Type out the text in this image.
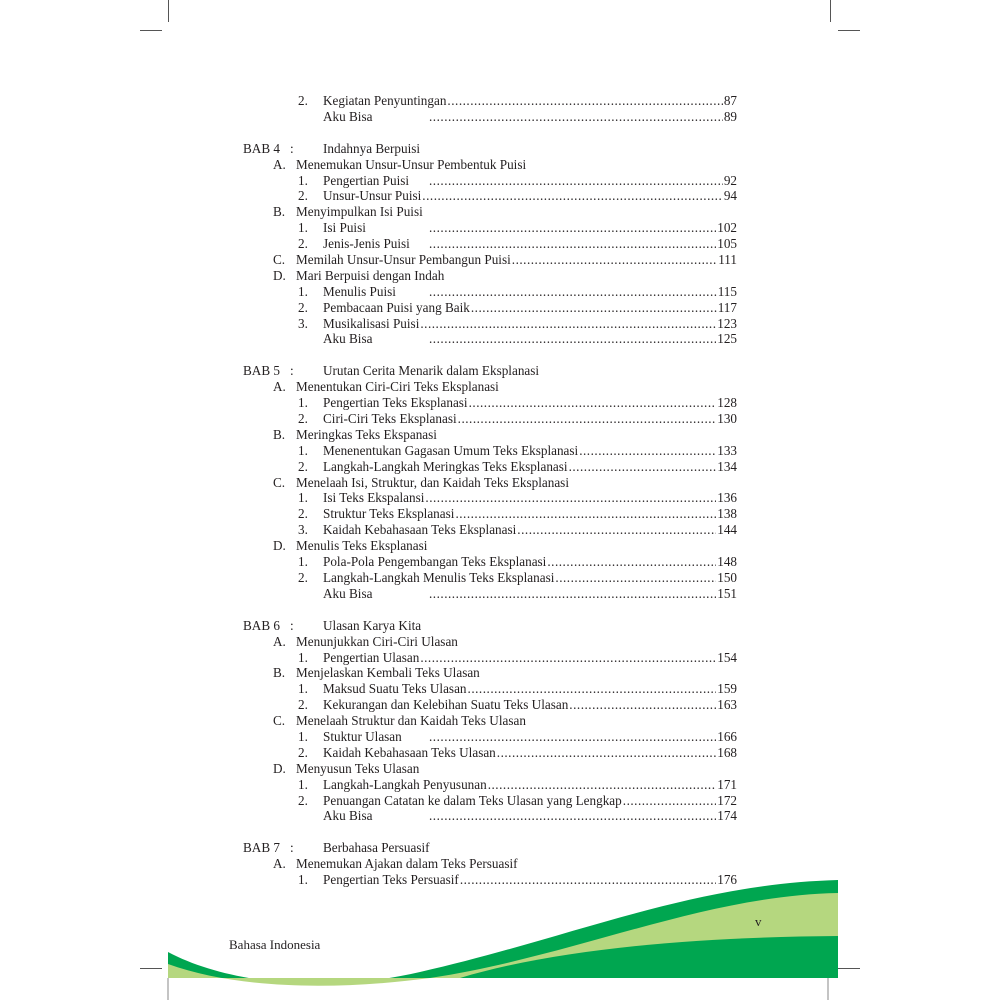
2. Kegiatan Penyuntingan .....	87
Aku Bisa .....	89
BAB 4 : Indahnya Berpuisi
A. Menemukan Unsur-Unsur Pembentuk Puisi
1. Pengertian Puisi .....	92
2. Unsur-Unsur Puisi .....	94
B. Menyimpulkan Isi Puisi
1. Isi Puisi .....	102
2. Jenis-Jenis Puisi .....	105
C. Memilah Unsur-Unsur Pembangun Puisi .....	111
D. Mari Berpuisi dengan Indah
1. Menulis Puisi .....	115
2. Pembacaan Puisi yang Baik .....	117
3. Musikalisasi Puisi .....	123
Aku Bisa .....	125
BAB 5 : Urutan Cerita Menarik dalam Eksplanasi
A. Menentukan Ciri-Ciri Teks Eksplanasi
1. Pengertian Teks Eksplanasi .....	128
2. Ciri-Ciri Teks Eksplanasi .....	130
B. Meringkas Teks Ekspanasi
1. Menenentukan Gagasan Umum Teks Eksplanasi .....	133
2. Langkah-Langkah Meringkas Teks Eksplanasi .....	134
C. Menelaah Isi, Struktur, dan Kaidah Teks Eksplanasi
1. Isi Teks Ekspalansi .....	136
2. Struktur Teks Eksplanasi .....	138
3. Kaidah Kebahasaan Teks Eksplanasi .....	144
D. Menulis Teks Eksplanasi
1. Pola-Pola Pengembangan Teks Eksplanasi .....	148
2. Langkah-Langkah Menulis Teks Eksplanasi .....	150
Aku Bisa .....	151
BAB 6 : Ulasan Karya Kita
A. Menunjukkan Ciri-Ciri Ulasan
1. Pengertian Ulasan .....	154
B. Menjelaskan Kembali Teks Ulasan
1. Maksud Suatu Teks Ulasan .....	159
2. Kekurangan dan Kelebihan Suatu Teks Ulasan .....	163
C. Menelaah Struktur dan Kaidah Teks Ulasan
1. Stuktur Ulasan .....	166
2. Kaidah Kebahasaan Teks Ulasan .....	168
D. Menyusun Teks Ulasan
1. Langkah-Langkah Penyusunan .....	171
2. Penuangan Catatan ke dalam Teks Ulasan yang Lengkap .....	172
Aku Bisa .....	174
BAB 7 : Berbahasa Persuasif
A. Menemukan Ajakan dalam Teks Persuasif
1. Pengertian Teks Persuasif .....	176
Bahasa Indonesia
v
